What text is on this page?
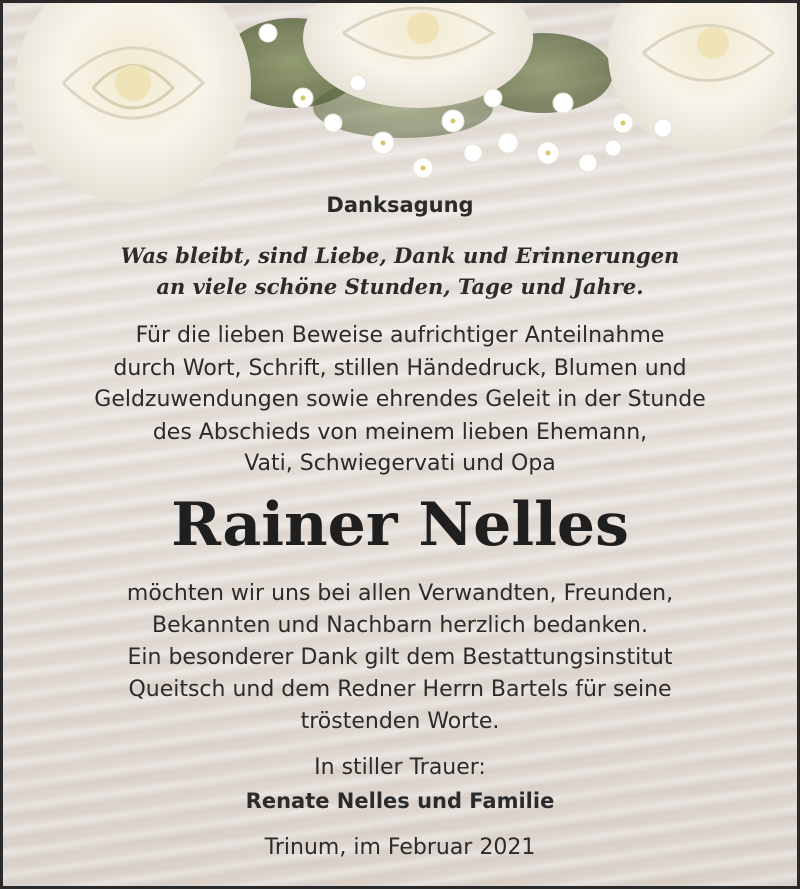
Danksagung
Was bleibt, sind Liebe, Dank und Erinnerungen
an viele schöne Stunden, Tage und Jahre.
Für die lieben Beweise aufrichtiger Anteilnahme
durch Wort, Schrift, stillen Händedruck, Blumen und
Geldzuwendungen sowie ehrendes Geleit in der Stunde
des Abschieds von meinem lieben Ehemann,
Vati, Schwiegervati und Opa
Rainer Nelles
möchten wir uns bei allen Verwandten, Freunden,
Bekannten und Nachbarn herzlich bedanken.
Ein besonderer Dank gilt dem Bestattungsinstitut
Queitsch und dem Redner Herrn Bartels für seine
tröstenden Worte.
In stiller Trauer:
Renate Nelles und Familie
Trinum, im Februar 2021
